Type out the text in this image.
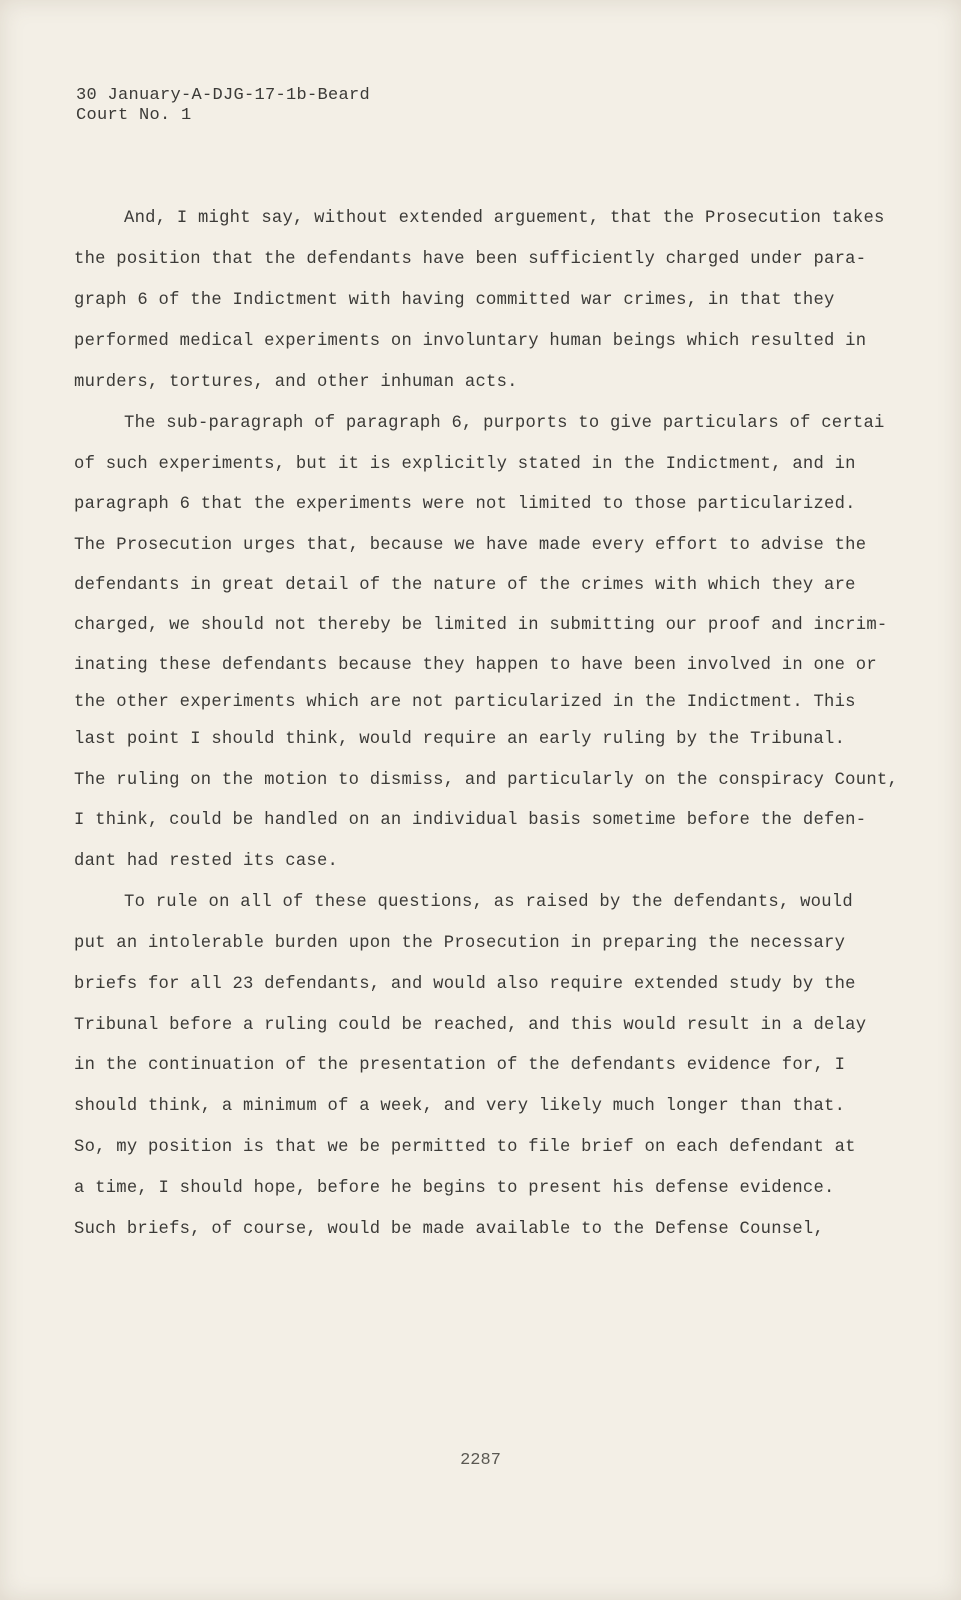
30 January-A-DJG-17-1b-Beard
Court No. 1
And, I might say, without extended arguement, that the Prosecution takes
the position that the defendants have been sufficiently charged under para-
graph 6 of the Indictment with having committed war crimes, in that they
performed medical experiments on involuntary human beings which resulted in
murders, tortures, and other inhuman acts.
The sub-paragraph of paragraph 6, purports to give particulars of certai
of such experiments, but it is explicitly stated in the Indictment, and in
paragraph 6 that the experiments were not limited to those particularized.
The Prosecution urges that, because we have made every effort to advise the
defendants in great detail of the nature of the crimes with which they are
charged, we should not thereby be limited in submitting our proof and incrim-
inating these defendants because they happen to have been involved in one or
the other experiments which are not particularized in the Indictment. This
last point I should think, would require an early ruling by the Tribunal.
The ruling on the motion to dismiss, and particularly on the conspiracy Count,
I think, could be handled on an individual basis sometime before the defen-
dant had rested its case.
To rule on all of these questions, as raised by the defendants, would
put an intolerable burden upon the Prosecution in preparing the necessary
briefs for all 23 defendants, and would also require extended study by the
Tribunal before a ruling could be reached, and this would result in a delay
in the continuation of the presentation of the defendants evidence for, I
should think, a minimum of a week, and very likely much longer than that.
So, my position is that we be permitted to file brief on each defendant at
a time, I should hope, before he begins to present his defense evidence.
Such briefs, of course, would be made available to the Defense Counsel,
2287
